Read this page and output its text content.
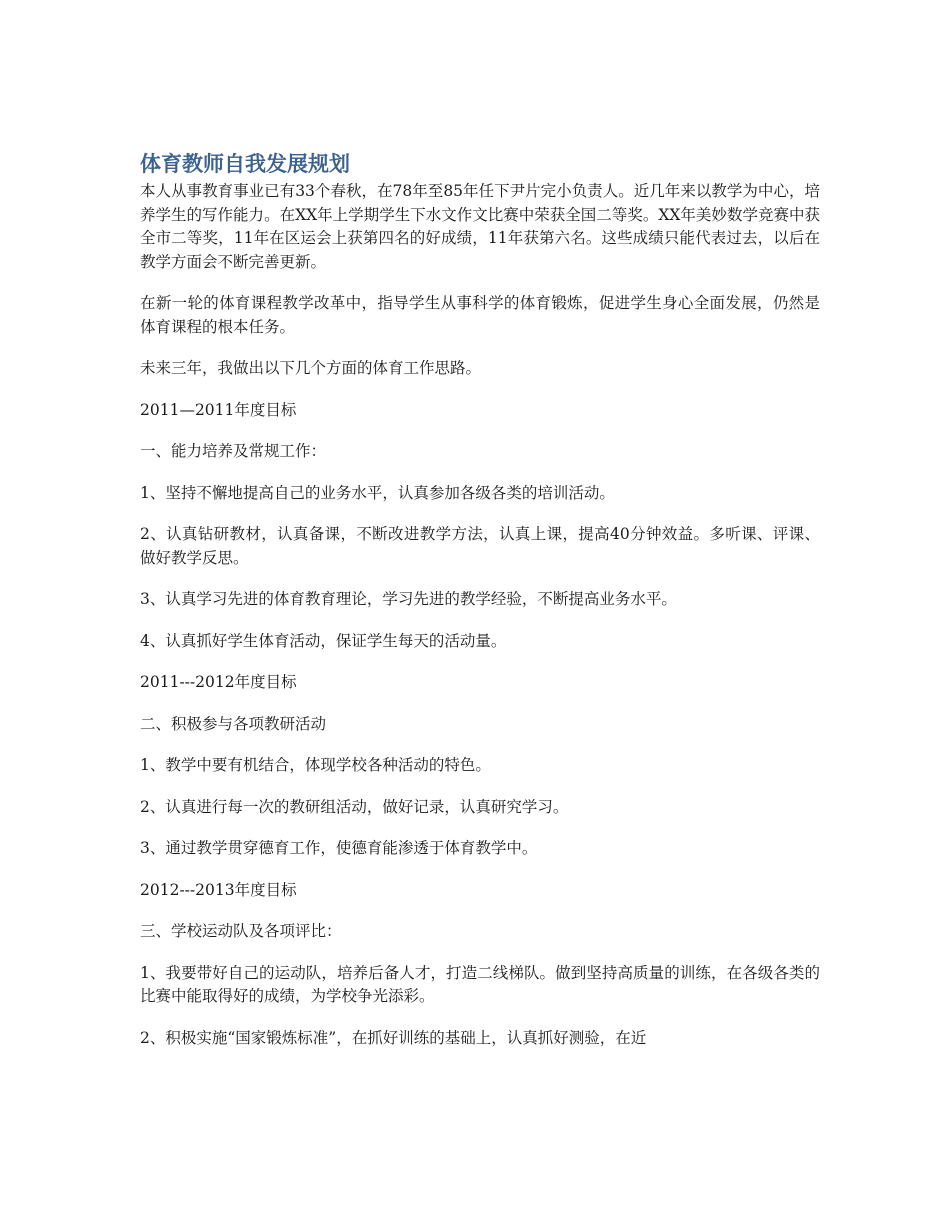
体育教师自我发展规划

本人从事教育事业已有33个春秋，在78年至85年任下尹片完小负责人。近几年来以教学为中心，培养学生的写作能力。在XX年上学期学生下水文作文比赛中荣获全国二等奖。XX年美妙数学竞赛中获全市二等奖，11年在区运会上获第四名的好成绩，11年获第六名。这些成绩只能代表过去，以后在教学方面会不断完善更新。

在新一轮的体育课程教学改革中，指导学生从事科学的体育锻炼，促进学生身心全面发展，仍然是体育课程的根本任务。

未来三年，我做出以下几个方面的体育工作思路。

2011—2011年度目标

一、能力培养及常规工作：

1、坚持不懈地提高自己的业务水平，认真参加各级各类的培训活动。

2、认真钻研教材，认真备课，不断改进教学方法，认真上课，提高40分钟效益。多听课、评课、做好教学反思。

3、认真学习先进的体育教育理论，学习先进的教学经验，不断提高业务水平。

4、认真抓好学生体育活动，保证学生每天的活动量。

2011---2012年度目标

二、积极参与各项教研活动

1、教学中要有机结合，体现学校各种活动的特色。

2、认真进行每一次的教研组活动，做好记录，认真研究学习。

3、通过教学贯穿德育工作，使德育能渗透于体育教学中。

2012---2013年度目标

三、学校运动队及各项评比：

1、我要带好自己的运动队，培养后备人才，打造二线梯队。做到坚持高质量的训练，在各级各类的比赛中能取得好的成绩，为学校争光添彩。

2、积极实施“国家锻炼标准”，在抓好训练的基础上，认真抓好测验，在近
